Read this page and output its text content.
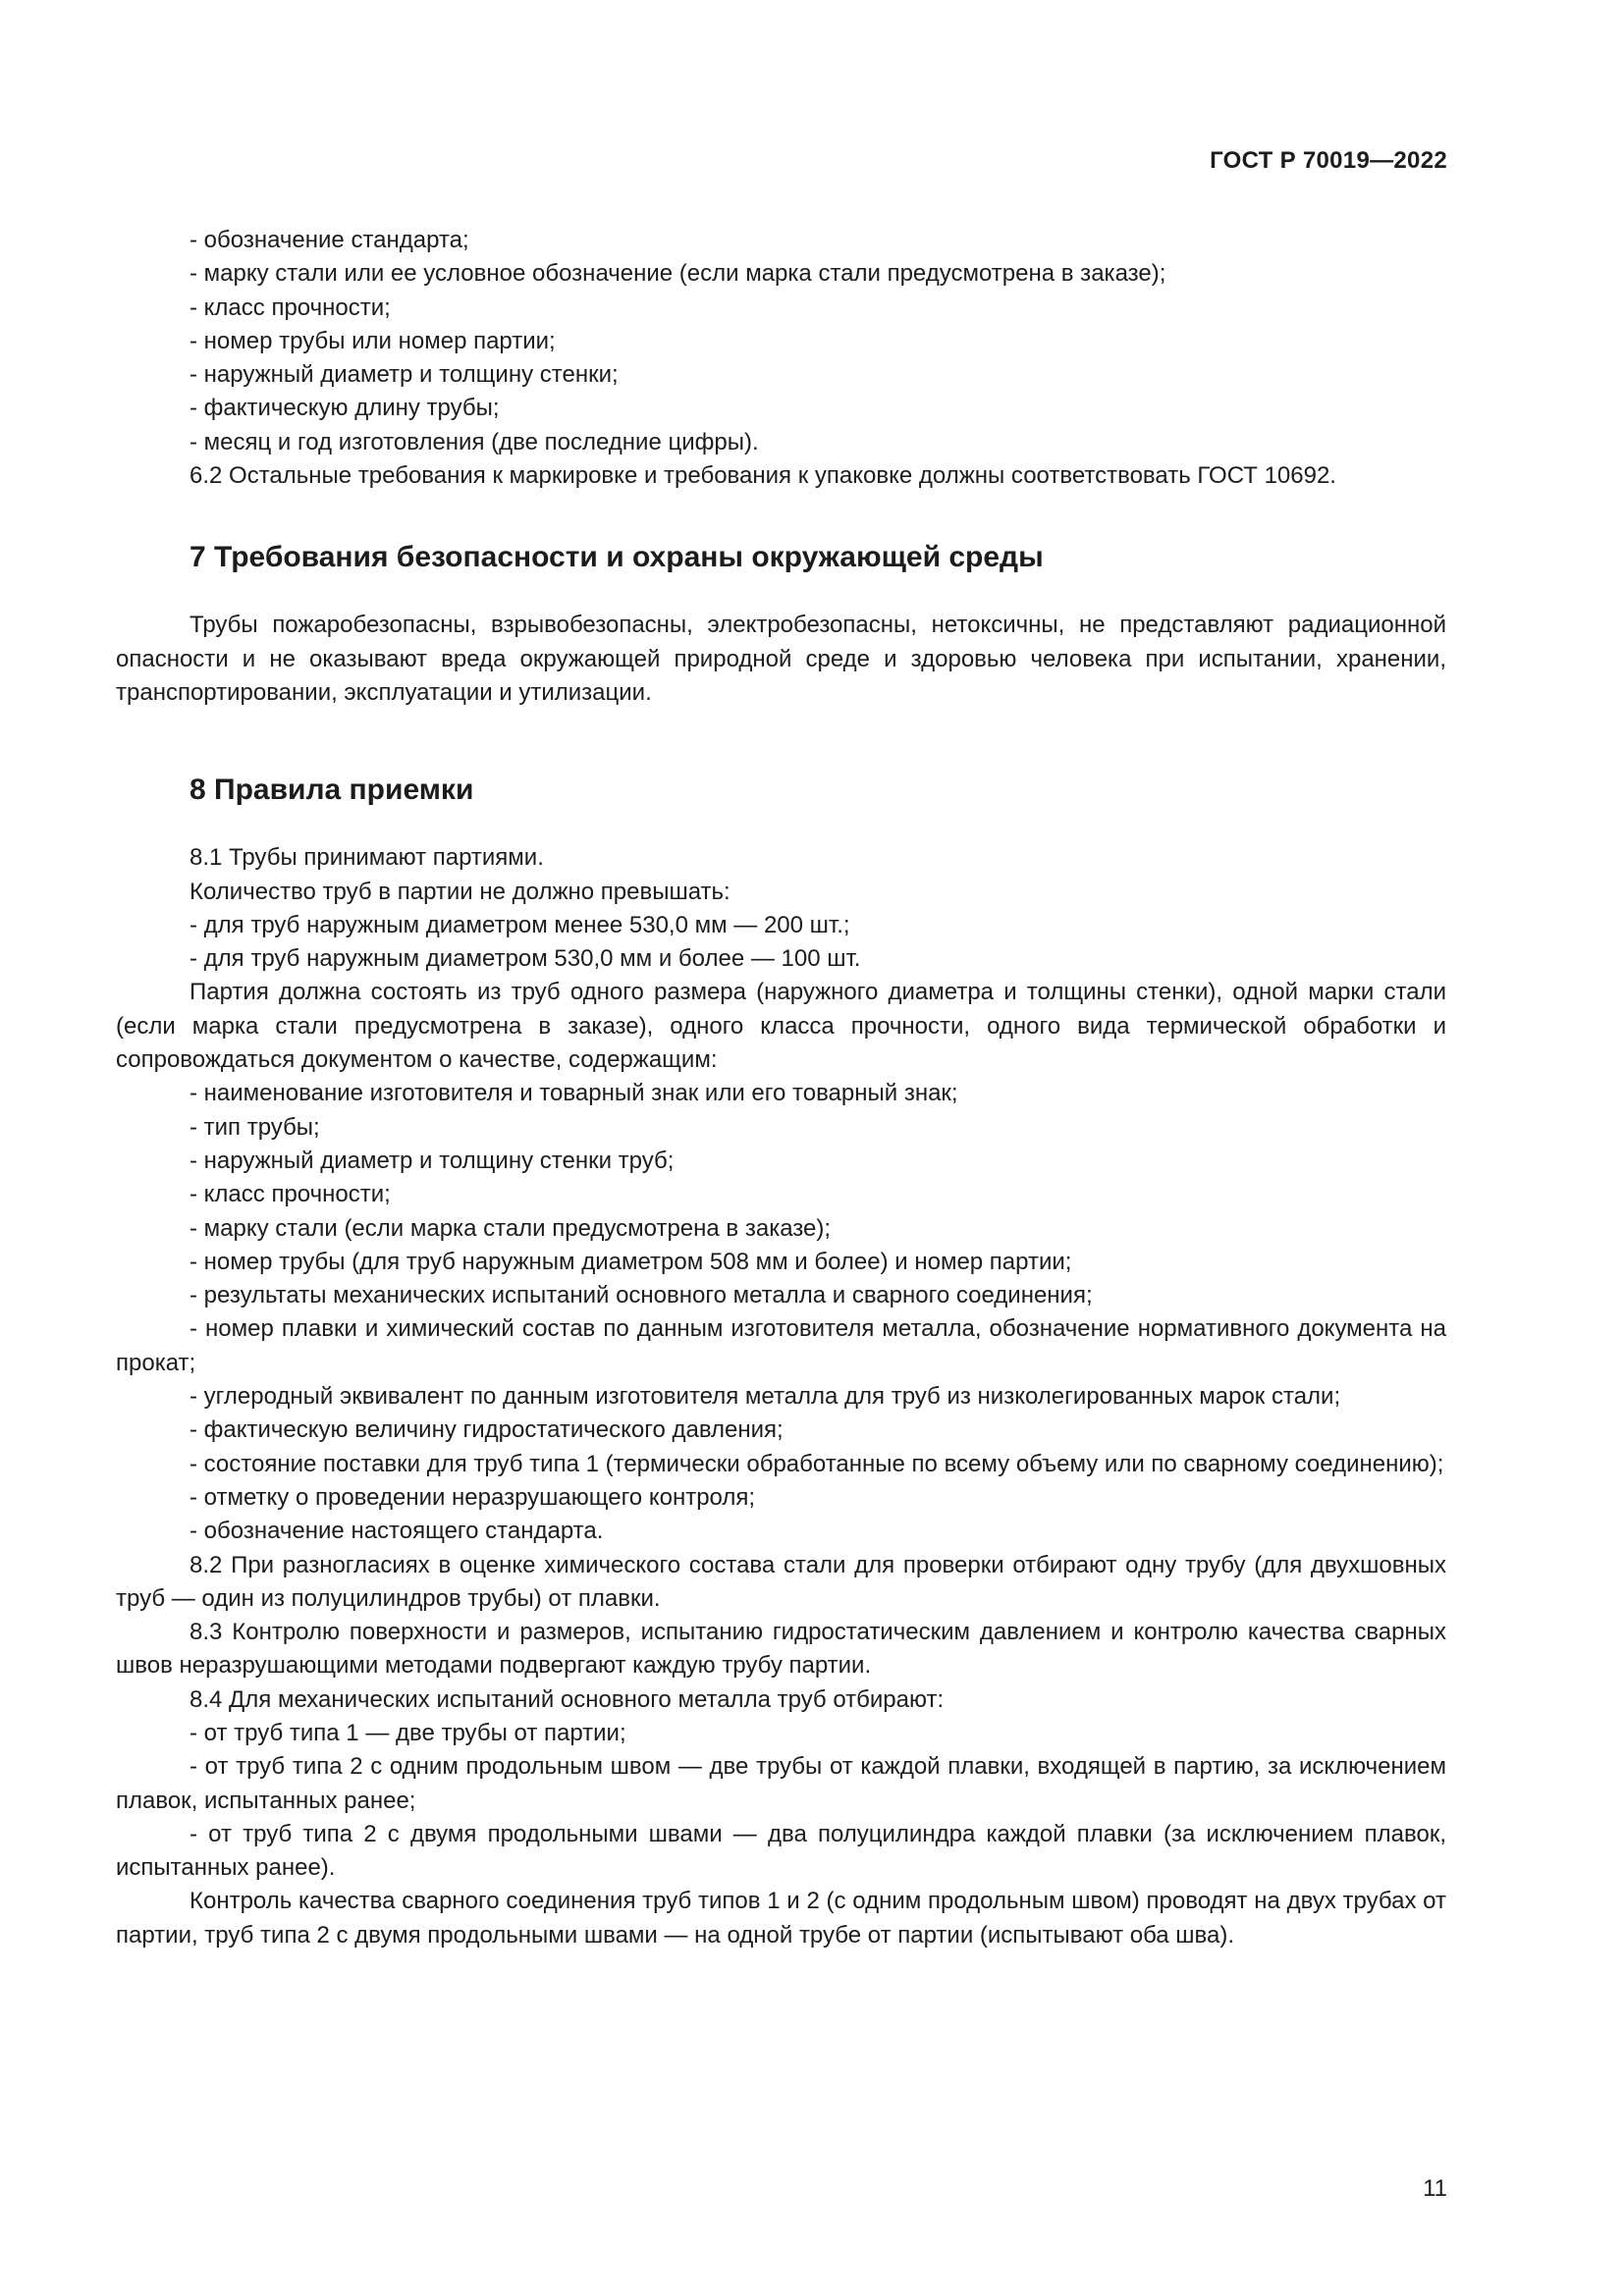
ГОСТ Р 70019—2022

- обозначение стандарта;

- марку стали или ее условное обозначение (если марка стали предусмотрена в заказе);

- класс прочности;

- номер трубы или номер партии;

- наружный диаметр и толщину стенки;

- фактическую длину трубы;

- месяц и год изготовления (две последние цифры).

6.2 Остальные требования к маркировке и требования к упаковке должны соответствовать ГОСТ 10692.

7 Требования безопасности и охраны окружающей среды

Трубы пожаробезопасны, взрывобезопасны, электробезопасны, нетоксичны, не представляют радиационной опасности и не оказывают вреда окружающей природной среде и здоровью человека при испытании, хранении, транспортировании, эксплуатации и утилизации.

8 Правила приемки

8.1 Трубы принимают партиями.

Количество труб в партии не должно превышать:

- для труб наружным диаметром менее 530,0 мм — 200 шт.;

- для труб наружным диаметром 530,0 мм и более — 100 шт.

Партия должна состоять из труб одного размера (наружного диаметра и толщины стенки), одной марки стали (если марка стали предусмотрена в заказе), одного класса прочности, одного вида термической обработки и сопровождаться документом о качестве, содержащим:

- наименование изготовителя и товарный знак или его товарный знак;

- тип трубы;

- наружный диаметр и толщину стенки труб;

- класс прочности;

- марку стали (если марка стали предусмотрена в заказе);

- номер трубы (для труб наружным диаметром 508 мм и более) и номер партии;

- результаты механических испытаний основного металла и сварного соединения;

- номер плавки и химический состав по данным изготовителя металла, обозначение нормативного документа на прокат;

- углеродный эквивалент по данным изготовителя металла для труб из низколегированных марок стали;

- фактическую величину гидростатического давления;

- состояние поставки для труб типа 1 (термически обработанные по всему объему или по сварному соединению);

- отметку о проведении неразрушающего контроля;

- обозначение настоящего стандарта.

8.2 При разногласиях в оценке химического состава стали для проверки отбирают одну трубу (для двухшовных труб — один из полуцилиндров трубы) от плавки.

8.3 Контролю поверхности и размеров, испытанию гидростатическим давлением и контролю качества сварных швов неразрушающими методами подвергают каждую трубу партии.

8.4 Для механических испытаний основного металла труб отбирают:

- от труб типа 1 — две трубы от партии;

- от труб типа 2 с одним продольным швом — две трубы от каждой плавки, входящей в партию, за исключением плавок, испытанных ранее;

- от труб типа 2 с двумя продольными швами — два полуцилиндра каждой плавки (за исключением плавок, испытанных ранее).

Контроль качества сварного соединения труб типов 1 и 2 (с одним продольным швом) проводят на двух трубах от партии, труб типа 2 с двумя продольными швами — на одной трубе от партии (испытывают оба шва).

11
